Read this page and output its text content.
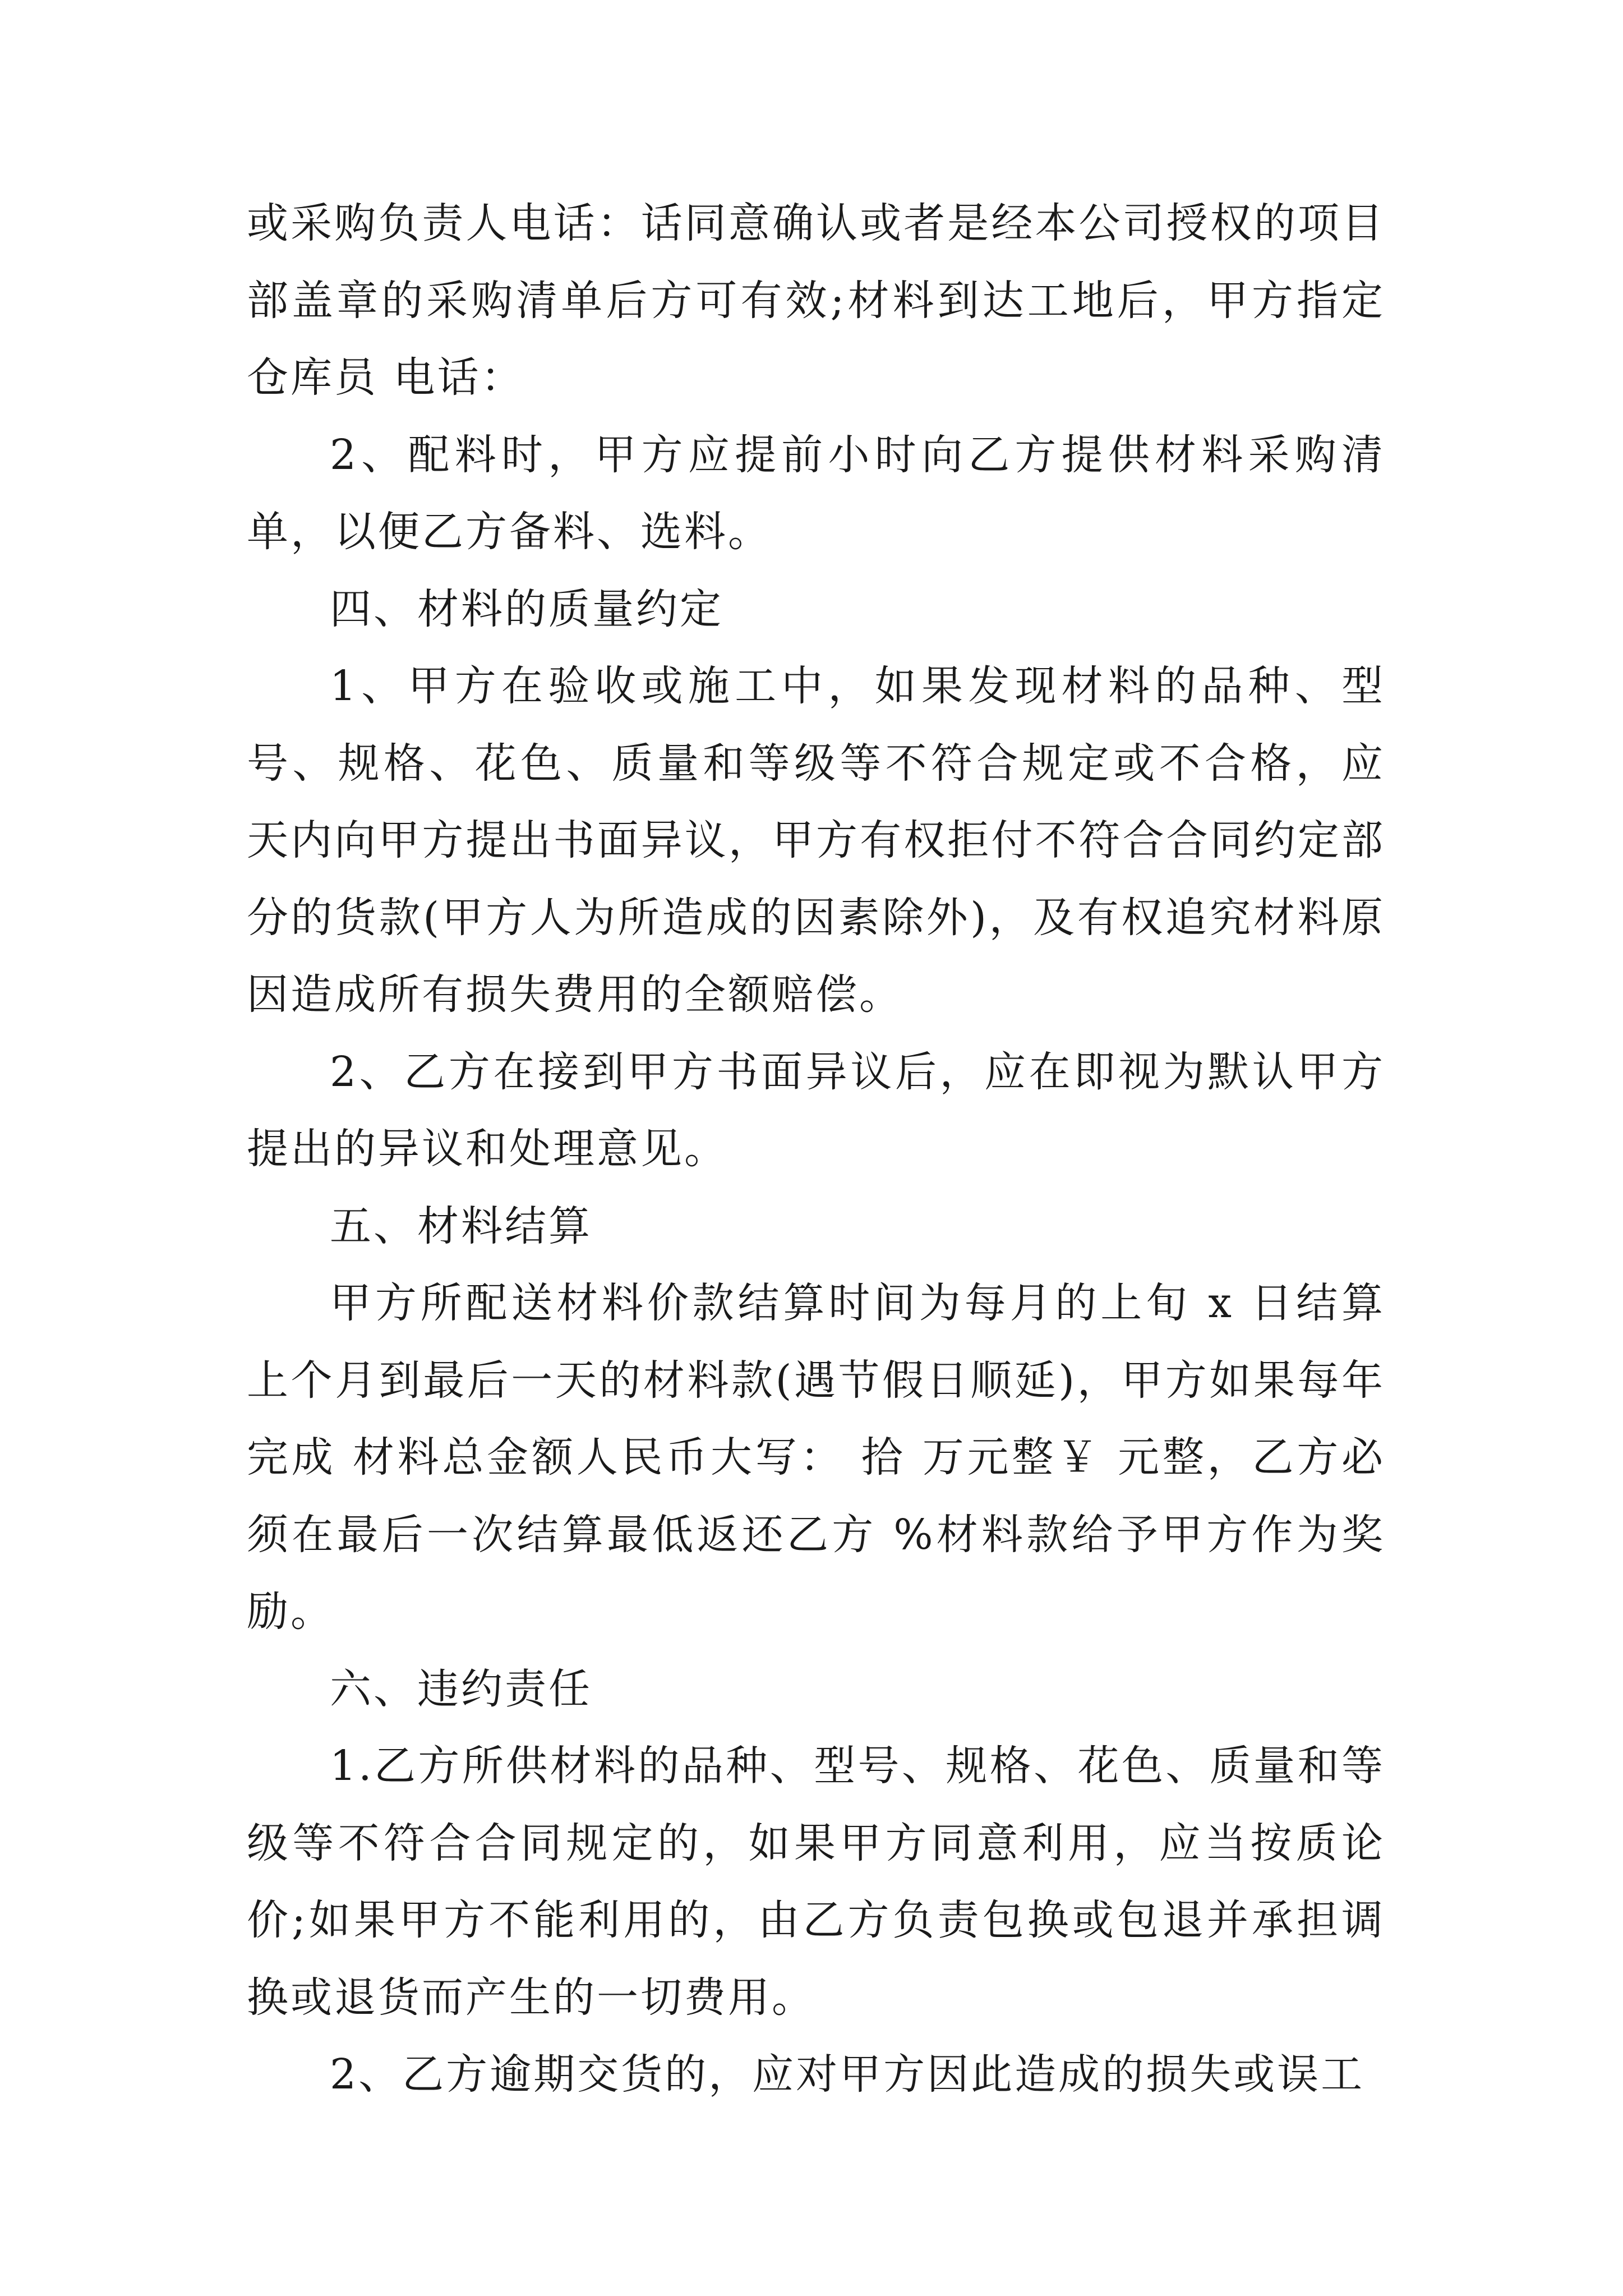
或采购负责人电话：话同意确认或者是经本公司授权的项目部盖章的采购清单后方可有效;材料到达工地后，甲方指定仓库员 电话：

2、配料时，甲方应提前小时向乙方提供材料采购清单，以便乙方备料、选料。

四、材料的质量约定

1、甲方在验收或施工中，如果发现材料的品种、型号、规格、花色、质量和等级等不符合规定或不合格，应 天内向甲方提出书面异议，甲方有权拒付不符合合同约定部分的货款(甲方人为所造成的因素除外)，及有权追究材料原因造成所有损失费用的全额赔偿。

2、乙方在接到甲方书面异议后，应在即视为默认甲方提出的异议和处理意见。

五、材料结算

甲方所配送材料价款结算时间为每月的上旬 x 日结算上个月到最后一天的材料款(遇节假日顺延)，甲方如果每年完成 材料总金额人民币大写： 拾 万元整￥ 元整，乙方必须在最后一次结算最低返还乙方 %材料款给予甲方作为奖励。

六、违约责任

1.乙方所供材料的品种、型号、规格、花色、质量和等级等不符合合同规定的，如果甲方同意利用，应当按质论价;如果甲方不能利用的，由乙方负责包换或包退并承担调换或退货而产生的一切费用。

2、乙方逾期交货的，应对甲方因此造成的损失或误工
